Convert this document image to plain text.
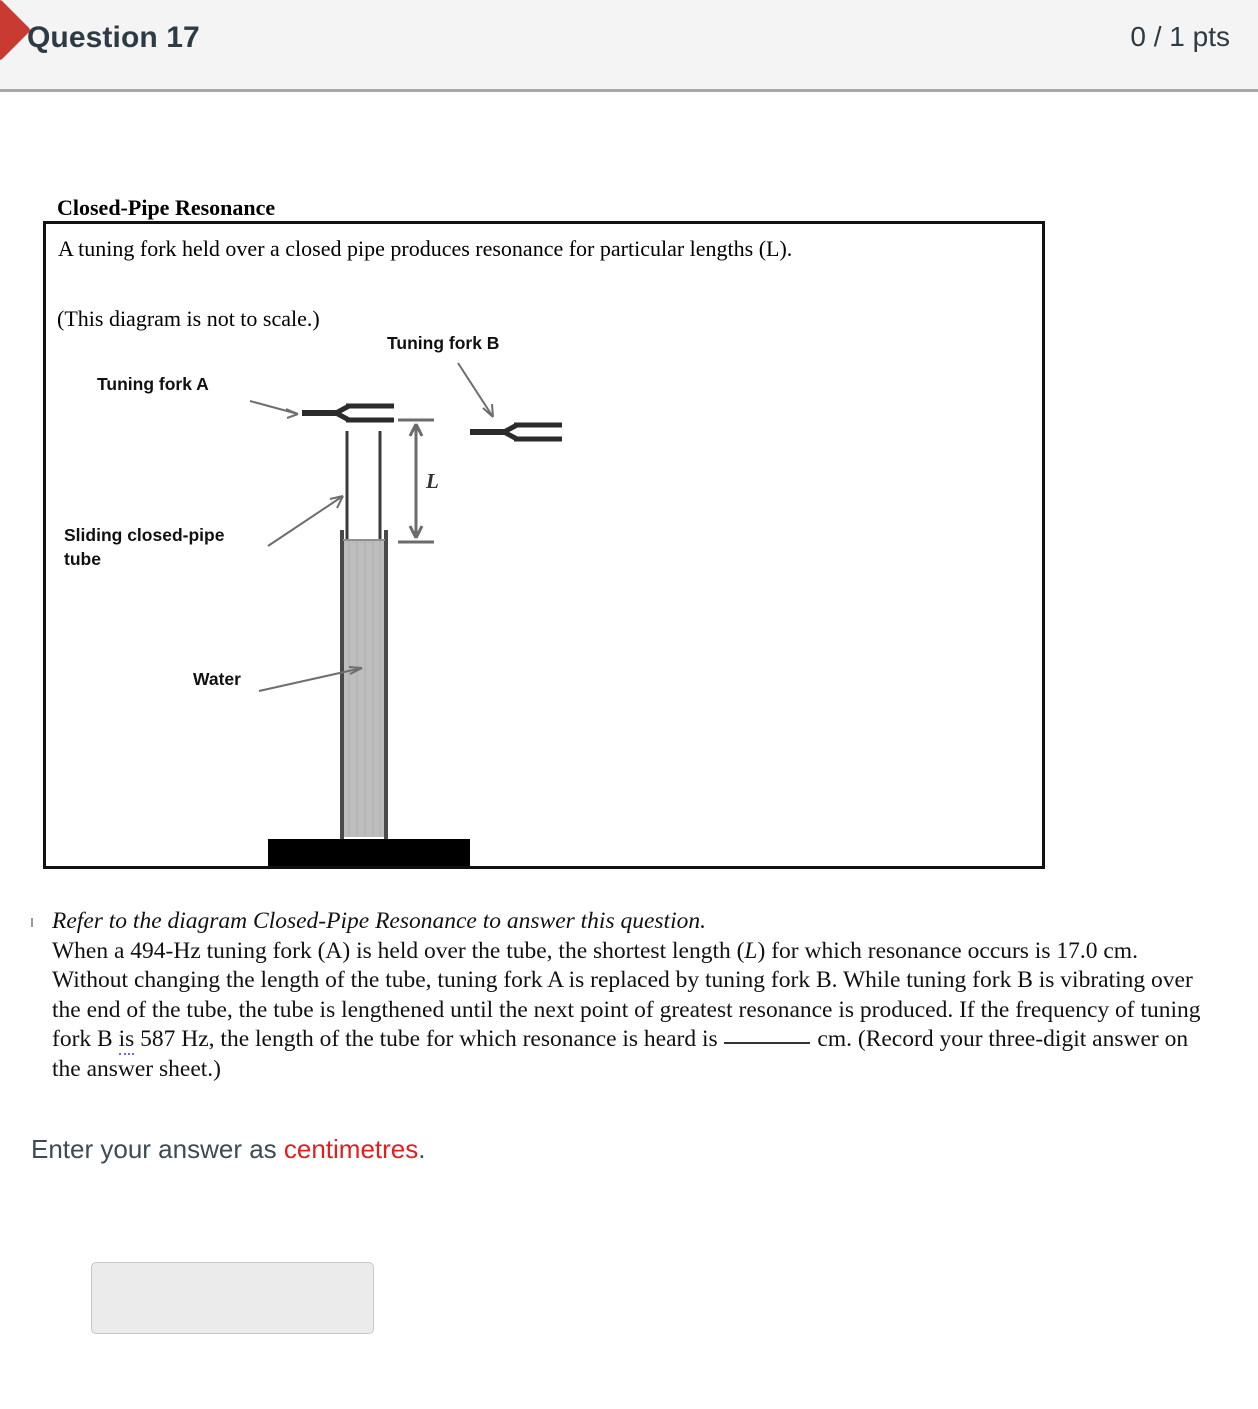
Question 17	0 / 1 pts
Closed-Pipe Resonance
A tuning fork held over a closed pipe produces resonance for particular lengths (L).
(This diagram is not to scale.)
L
Tuning fork B
Tuning fork A
Sliding closed-pipe
tube
Water
Refer to the diagram Closed-Pipe Resonance to answer this question.
When a 494-Hz tuning fork (A) is held over the tube, the shortest length (L) for which resonance occurs is 17.0 cm. Without changing the length of the tube, tuning fork A is replaced by tuning fork B. While tuning fork B is vibrating over the end of the tube, the tube is lengthened until the next point of greatest resonance is produced. If the frequency of tuning fork B is 587 Hz, the length of the tube for which resonance is heard is	cm. (Record your three-digit answer on the answer sheet.)
Enter your answer as centimetres.
